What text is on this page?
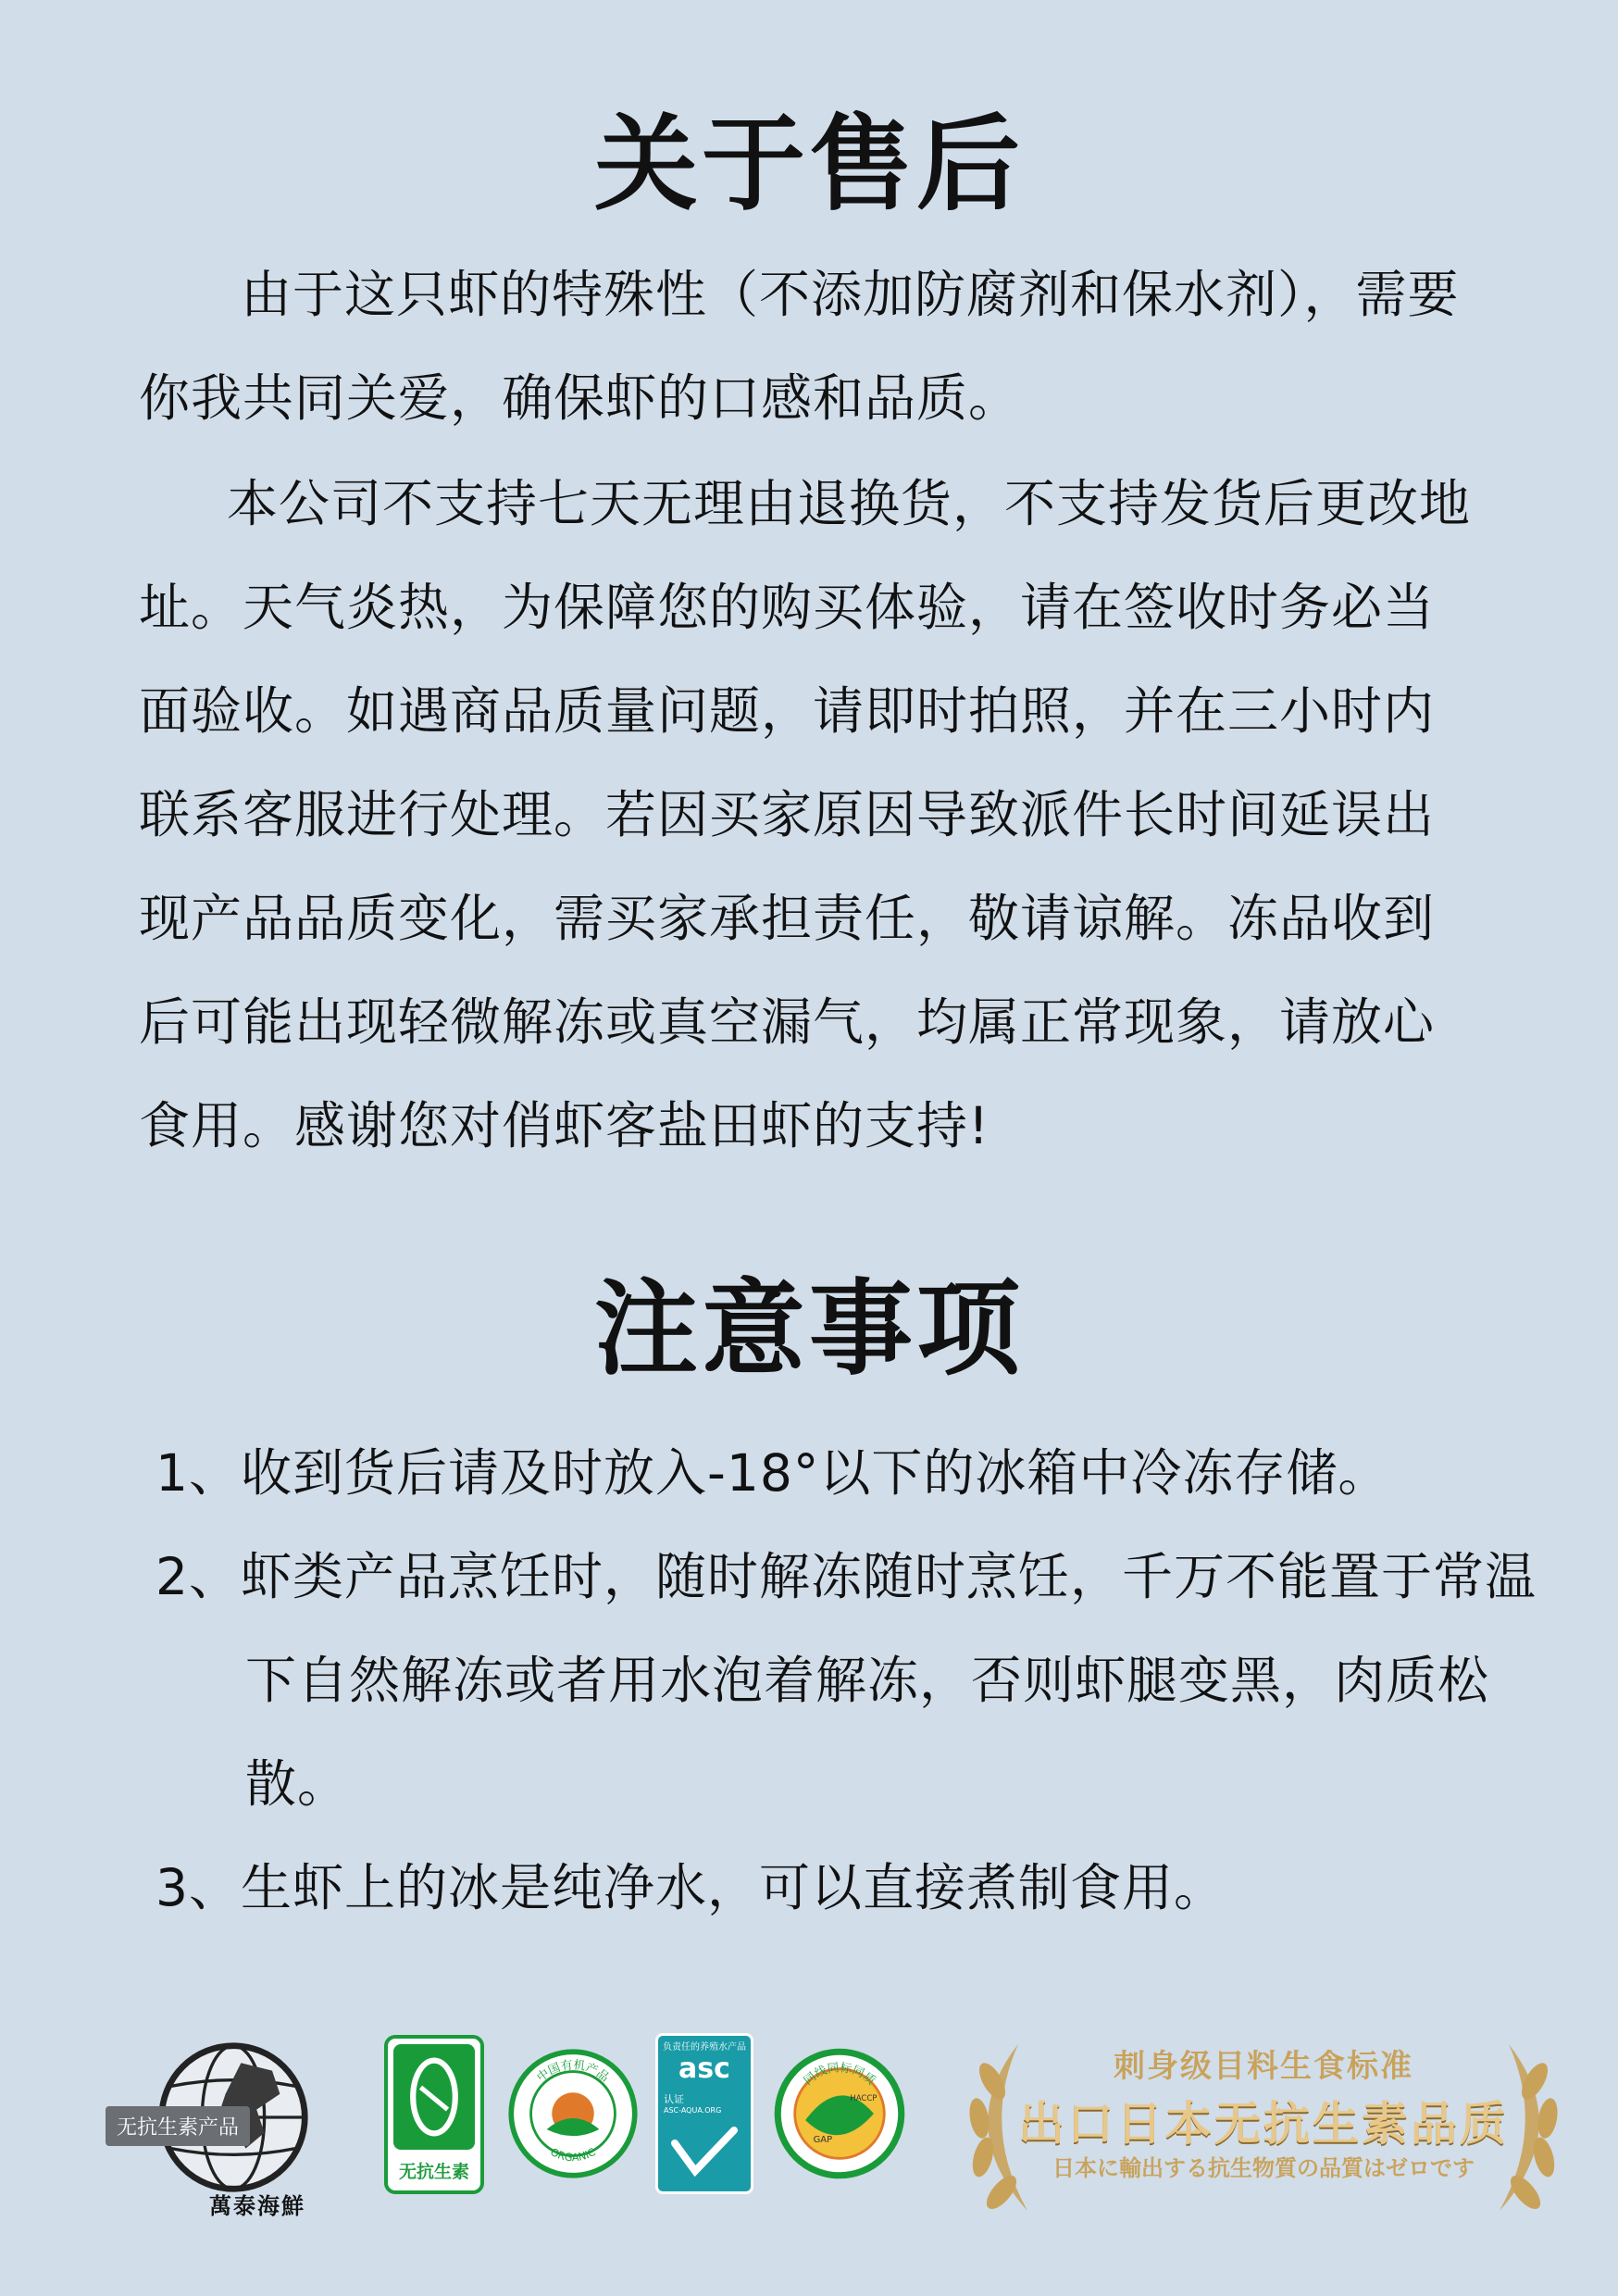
关于售后

由于这只虾的特殊性（不添加防腐剂和保水剂），需要你我共同关爱，确保虾的口感和品质。

本公司不支持七天无理由退换货，不支持发货后更改地址。天气炎热，为保障您的购买体验，请在签收时务必当面验收。如遇商品质量问题，请即时拍照，并在三小时内联系客服进行处理。若因买家原因导致派件长时间延误出现产品品质变化，需买家承担责任，敬请谅解。冻品收到后可能出现轻微解冻或真空漏气，均属正常现象，请放心食用。感谢您对俏虾客盐田虾的支持!

注意事项

1、收到货后请及时放入-18°以下的冰箱中冷冻存储。

2、虾类产品烹饪时，随时解冻随时烹饪，千万不能置于常温下自然解冻或者用水泡着解冻，否则虾腿变黑，肉质松散。

3、生虾上的冰是纯净水，可以直接煮制食用。

无抗生素产品
萬泰海鮮
无抗生素
中国有机产品
ORGANIC
负责任的养殖水产品
asc
认证
ASC-AQUA.ORG
同线同标同质
GAP
HACCP
刺身级目料生食标准
出口日本无抗生素品质
日本に輸出する抗生物質の品質はゼロです
